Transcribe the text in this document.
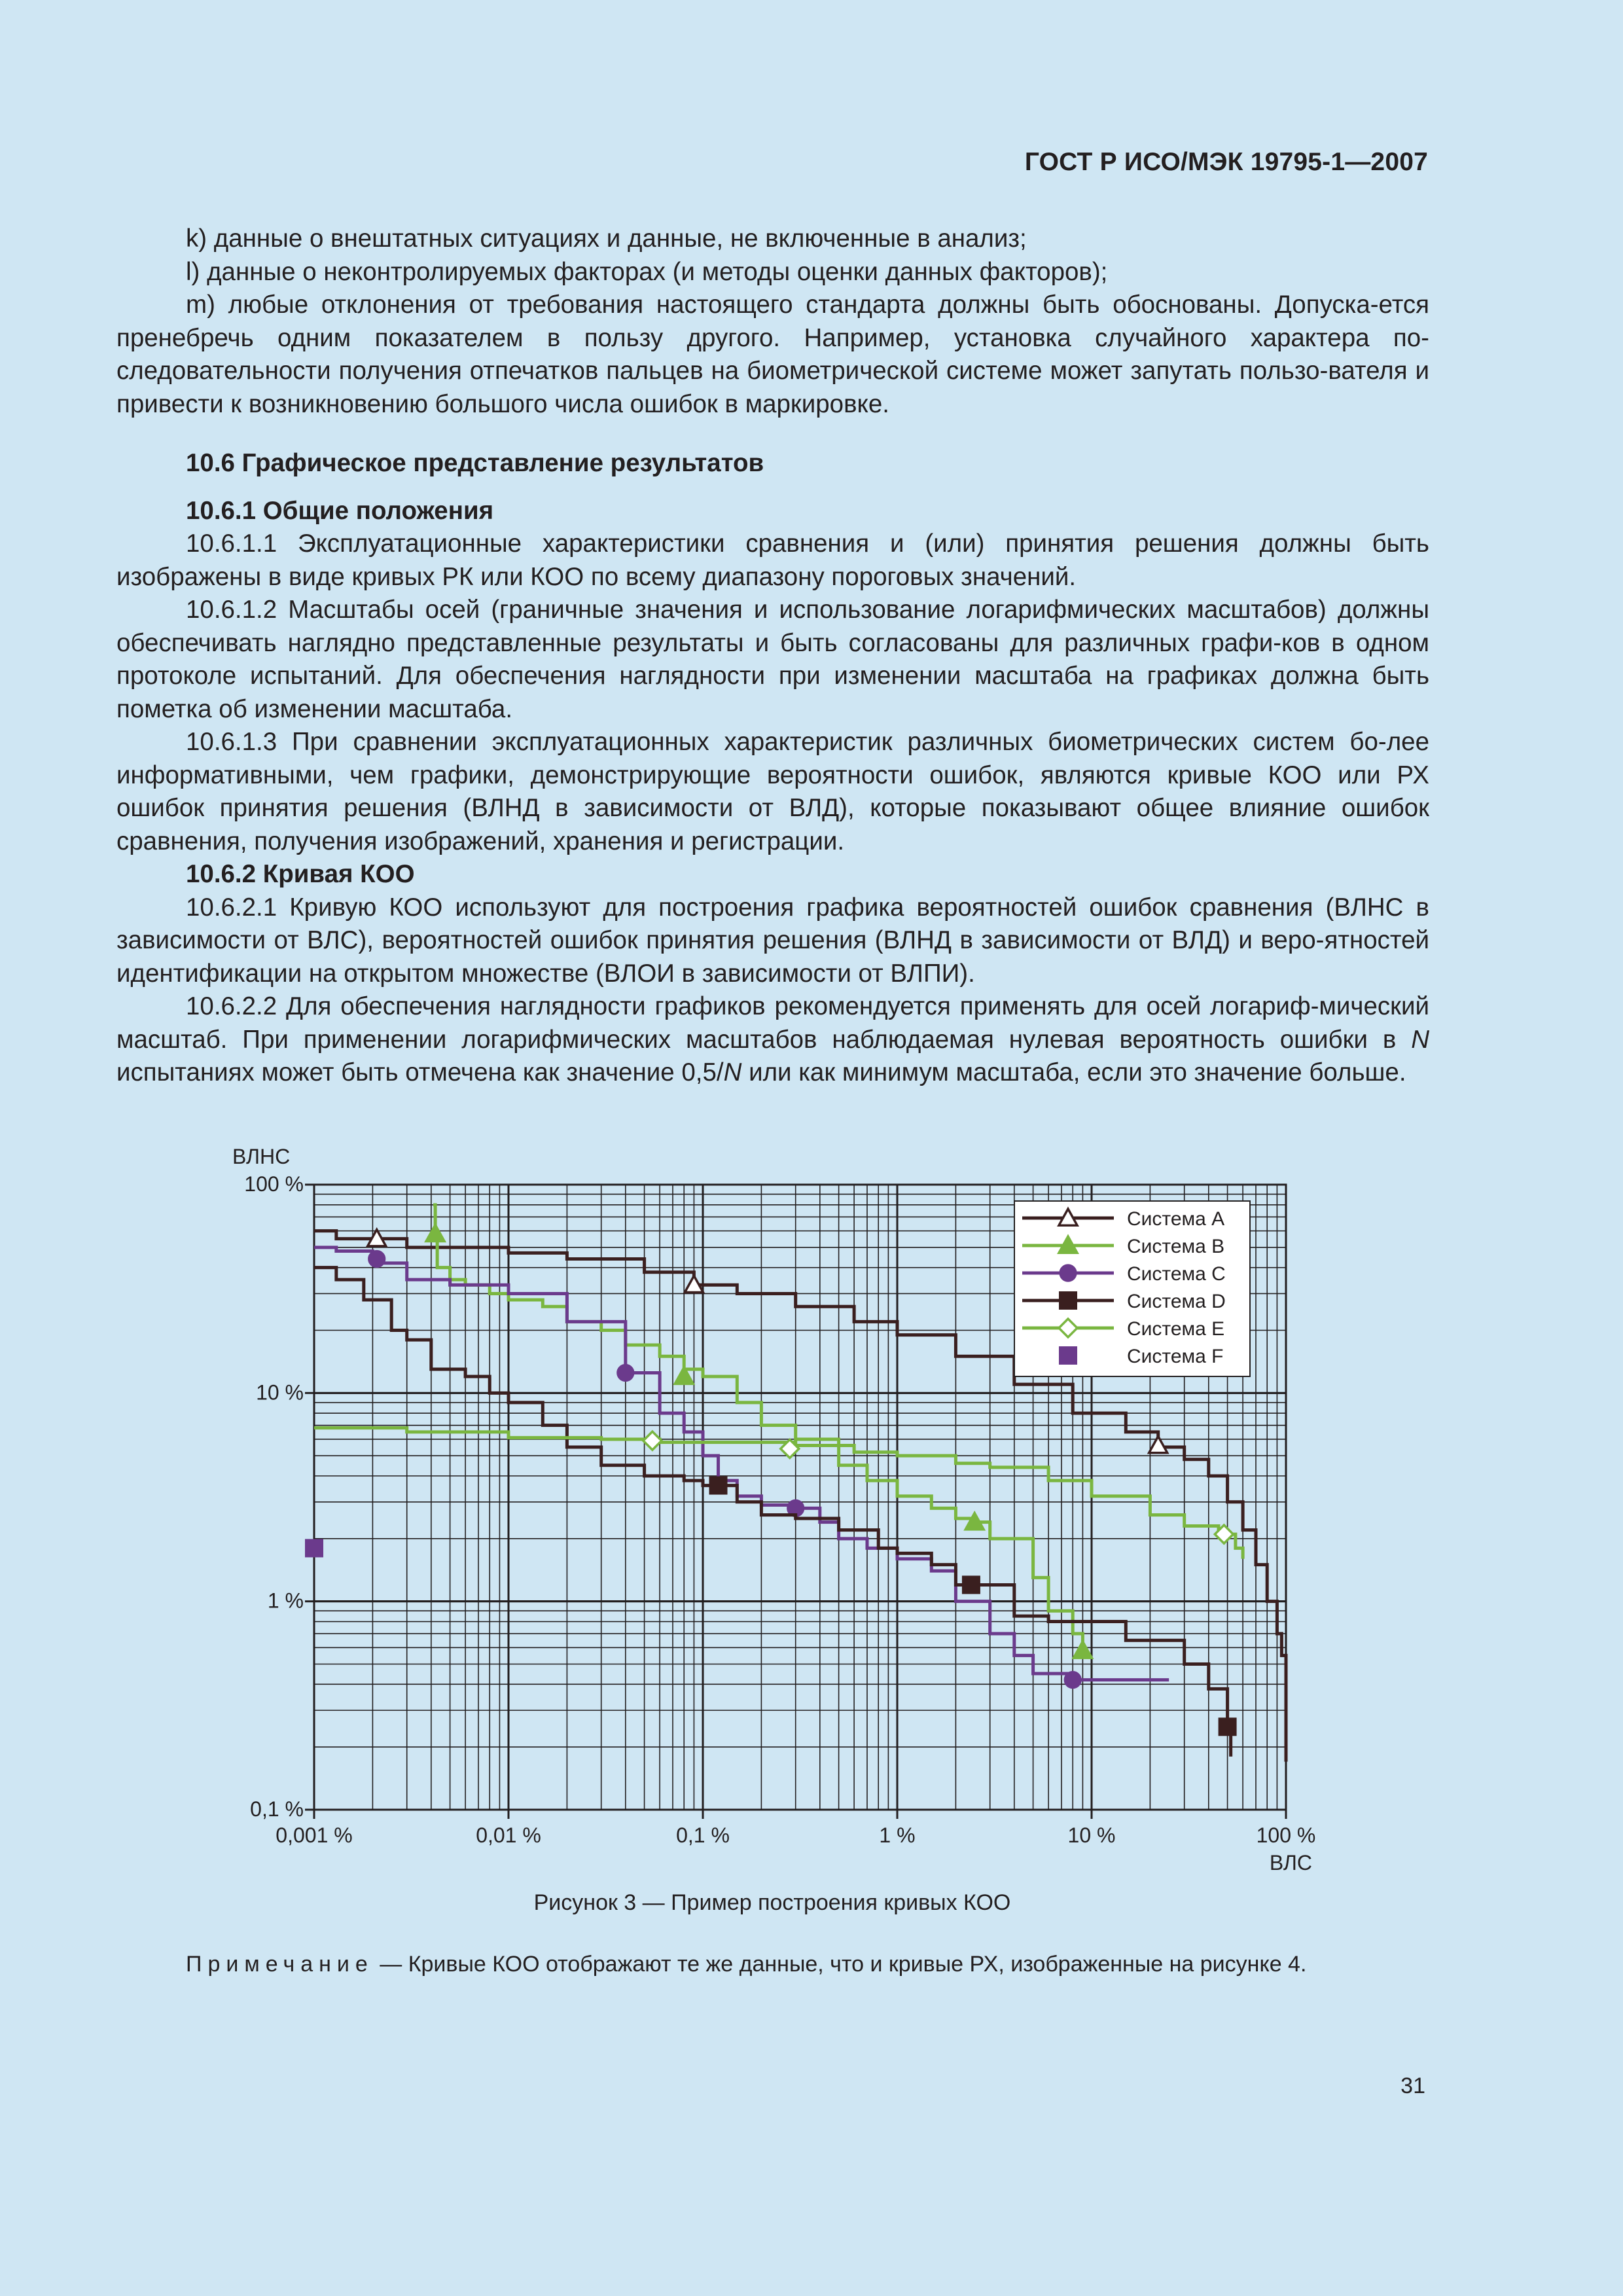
ГОСТ Р ИСО/МЭК 19795-1—2007

k) данные о внештатных ситуациях и данные, не включенные в анализ;

l) данные о неконтролируемых факторах (и методы оценки данных факторов);

m) любые отклонения от требования настоящего стандарта должны быть обоснованы. Допуска-ется пренебречь одним показателем в пользу другого. Например, установка случайного характера по-следовательности получения отпечатков пальцев на биометрической системе может запутать пользо-вателя и привести к возникновению большого числа ошибок в маркировке.

10.6 Графическое представление результатов
10.6.1 Общие положения

10.6.1.1 Эксплуатационные характеристики сравнения и (или) принятия решения должны быть изображены в виде кривых РК или КОО по всему диапазону пороговых значений.

10.6.1.2 Масштабы осей (граничные значения и использование логарифмических масштабов) должны обеспечивать наглядно представленные результаты и быть согласованы для различных графи-ков в одном протоколе испытаний. Для обеспечения наглядности при изменении масштаба на графиках должна быть пометка об изменении масштаба.

10.6.1.3 При сравнении эксплуатационных характеристик различных биометрических систем бо-лее информативными, чем графики, демонстрирующие вероятности ошибок, являются кривые КОО или РХ ошибок принятия решения (ВЛНД в зависимости от ВЛД), которые показывают общее влияние ошибок сравнения, получения изображений, хранения и регистрации.

10.6.2 Кривая КОО

10.6.2.1 Кривую КОО используют для построения графика вероятностей ошибок сравнения (ВЛНС в зависимости от ВЛС), вероятностей ошибок принятия решения (ВЛНД в зависимости от ВЛД) и веро-ятностей идентификации на открытом множестве (ВЛОИ в зависимости от ВЛПИ).

10.6.2.2 Для обеспечения наглядности графиков рекомендуется применять для осей логариф-мический масштаб. При применении логарифмических масштабов наблюдаемая нулевая вероятность ошибки в N испытаниях может быть отмечена как значение 0,5/N или как минимум масштаба, если это значение больше.

0,001 %	0,01 %	0,1 %	1 %	10 %	100 %
0,1 %
1 %
10 %
100 %
ВЛНС
ВЛС
Система A
Система B
Система C
Система D
Система E
Система F
Рисунок 3 — Пример построения кривых КОО
Примечание — Кривые КОО отображают те же данные, что и кривые РХ, изображенные на рисунке 4.
31
